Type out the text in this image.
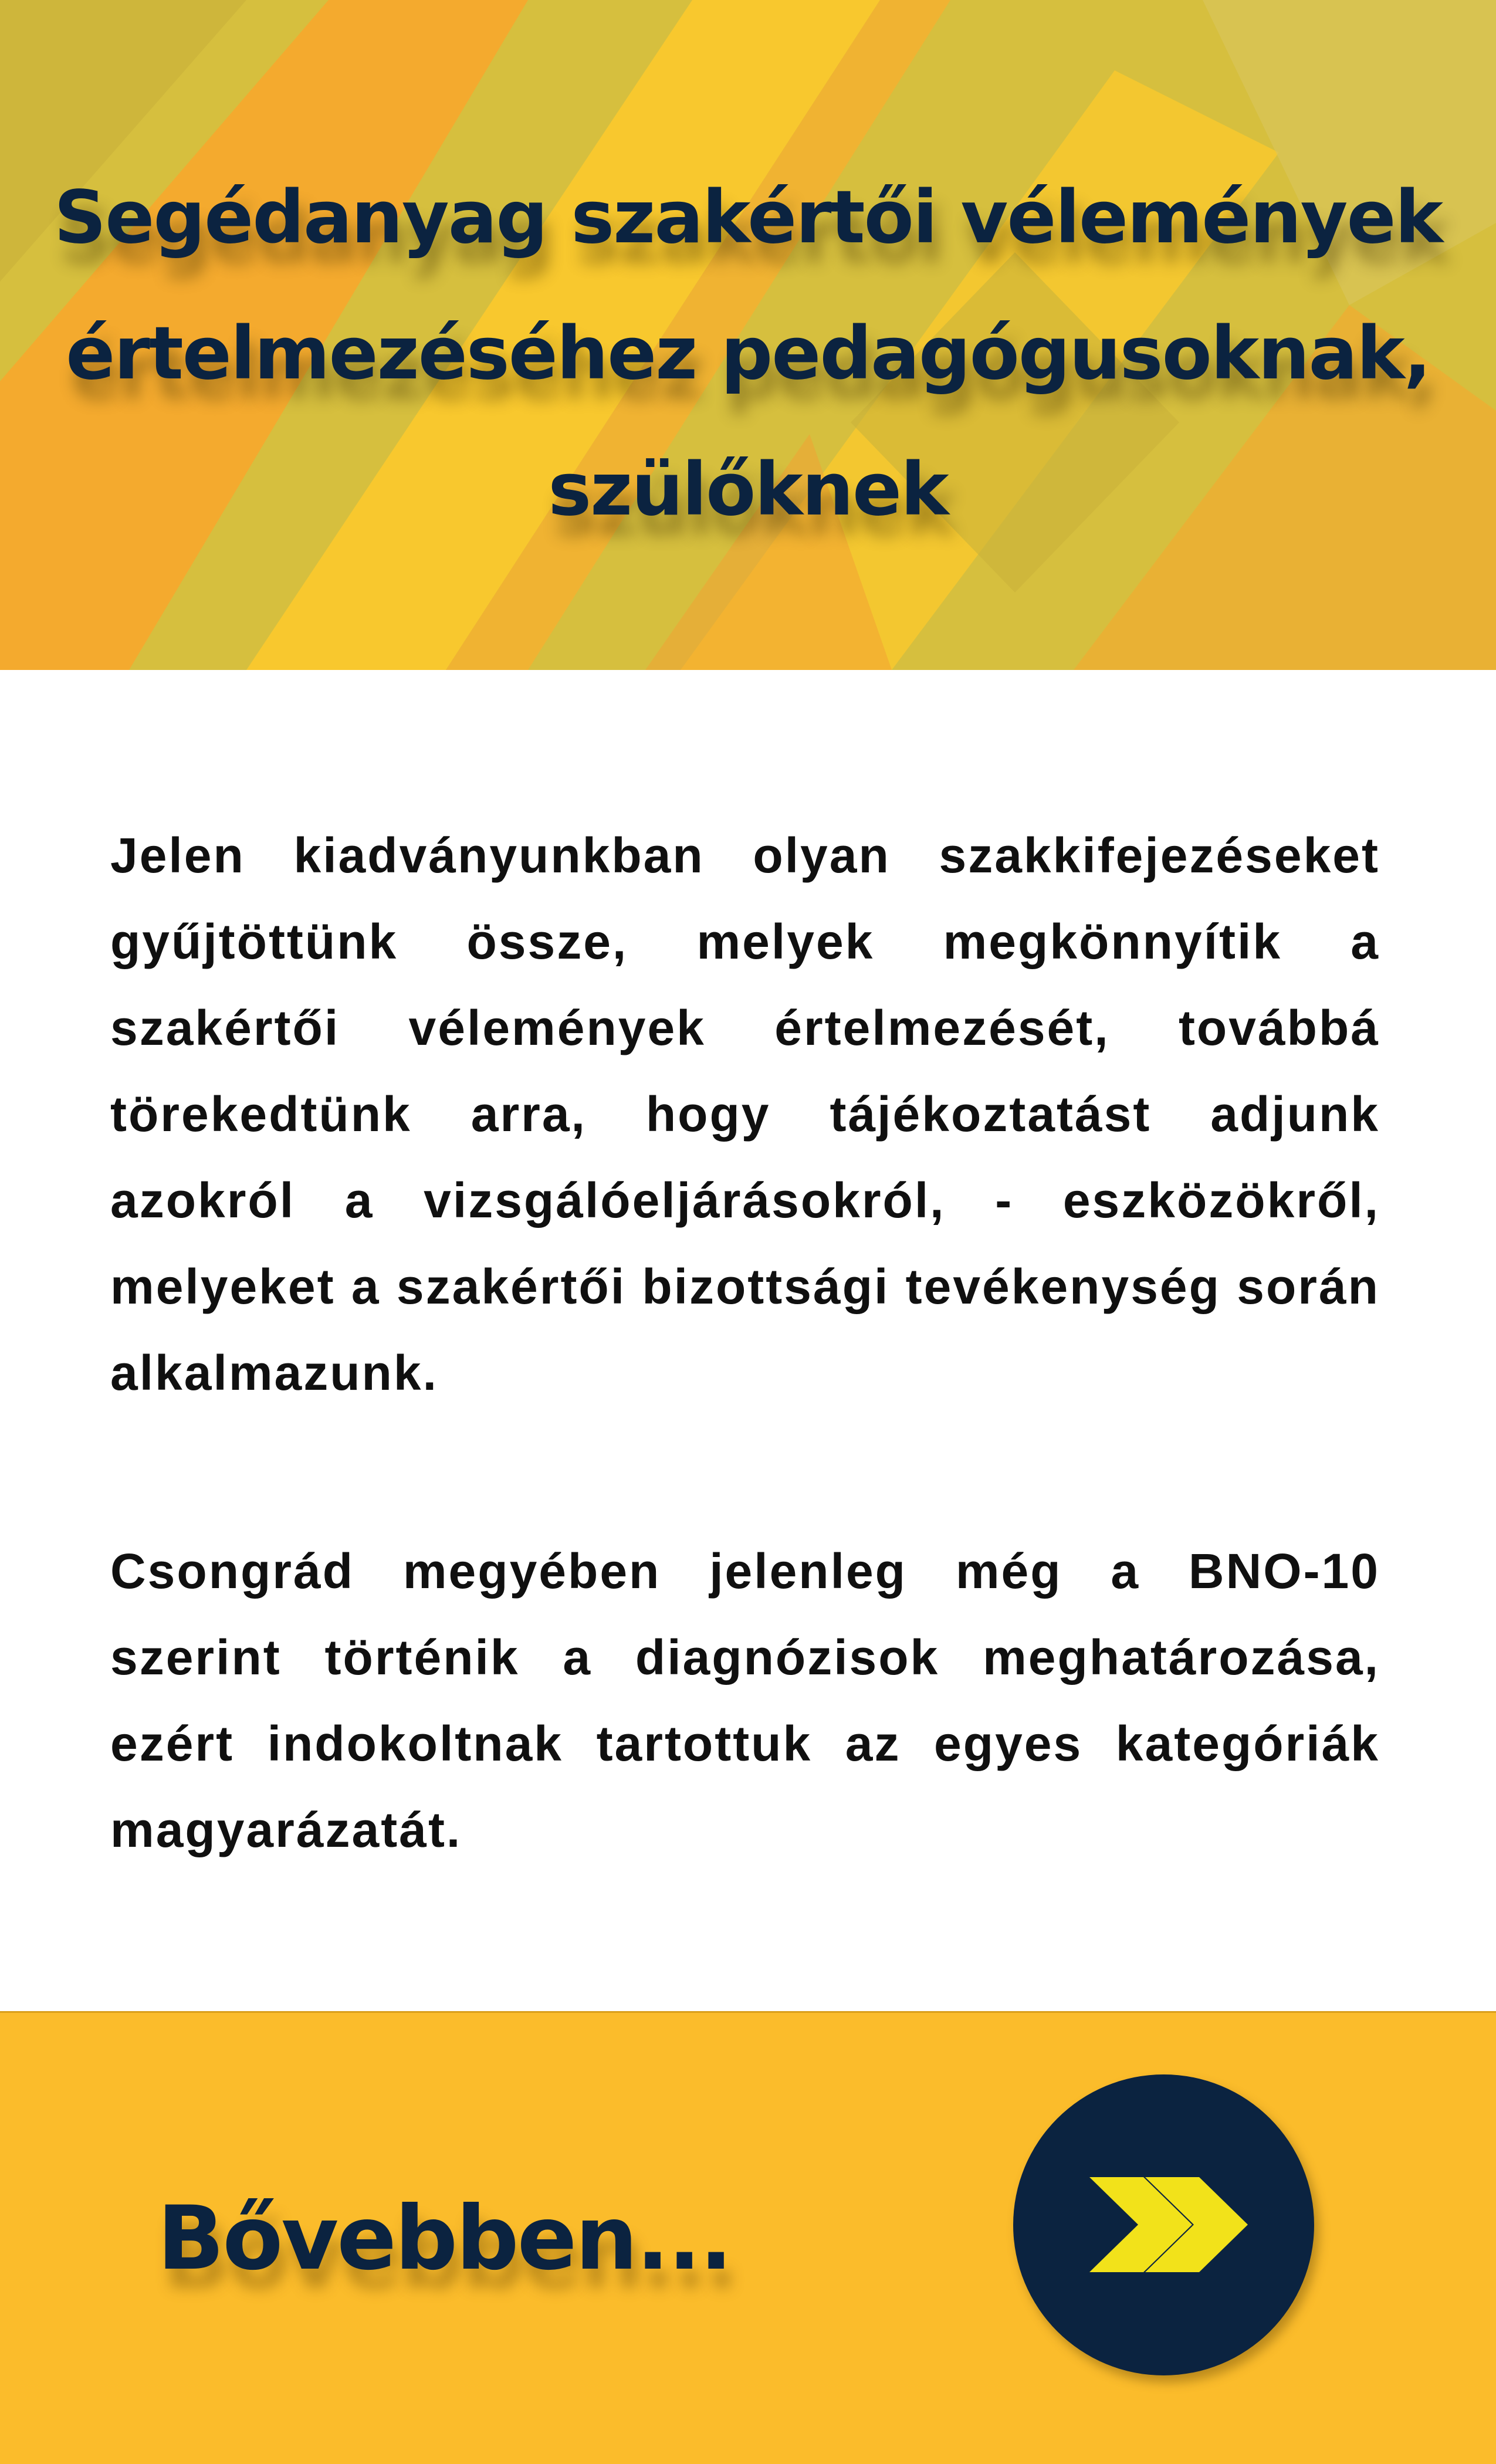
Segédanyag szakértői vélemények értelmezéséhez pedagógusoknak, szülőknek

Jelen kiadványunkban olyan szakkifejezéseket gyűjtöttünk össze, melyek megkönnyítik a szakértői vélemények értelmezését, továbbá törekedtünk arra, hogy tájékoztatást adjunk azokról a vizsgálóeljárásokról, - eszközökről, melyeket a szakértői bizottsági tevékenység során alkalmazunk.

Csongrád megyében jelenleg még a BNO-10 szerint történik a diagnózisok meghatározása, ezért indokoltnak tartottuk az egyes kategóriák magyarázatát.

Bővebben...
